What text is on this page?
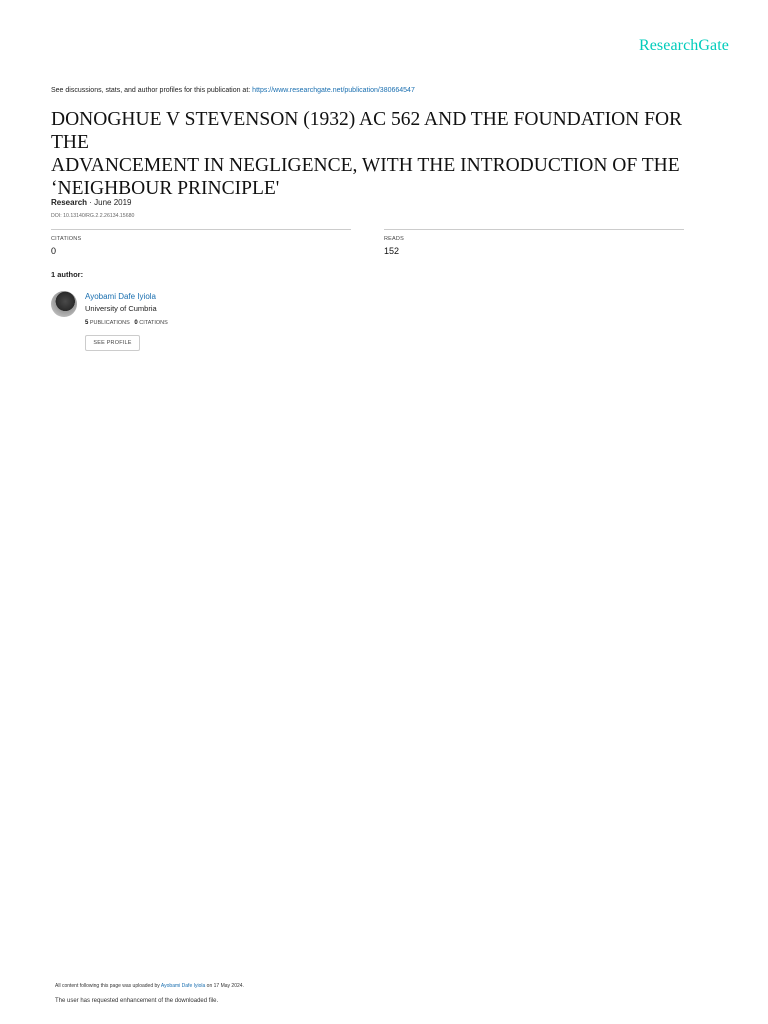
ResearchGate
See discussions, stats, and author profiles for this publication at: https://www.researchgate.net/publication/380664547
DONOGHUE V STEVENSON (1932) AC 562 AND THE FOUNDATION FOR THE
ADVANCEMENT IN NEGLIGENCE, WITH THE INTRODUCTION OF THE
‘NEIGHBOUR PRINCIPLE'
Research · June 2019
DOI: 10.13140/RG.2.2.26134.15680
CITATIONS
0
READS
152
1 author:
Ayobami Dafe Iyiola
University of Cumbria
5 PUBLICATIONS 0 CITATIONS
SEE PROFILE
All content following this page was uploaded by Ayobami Dafe Iyiola on 17 May 2024.
The user has requested enhancement of the downloaded file.
